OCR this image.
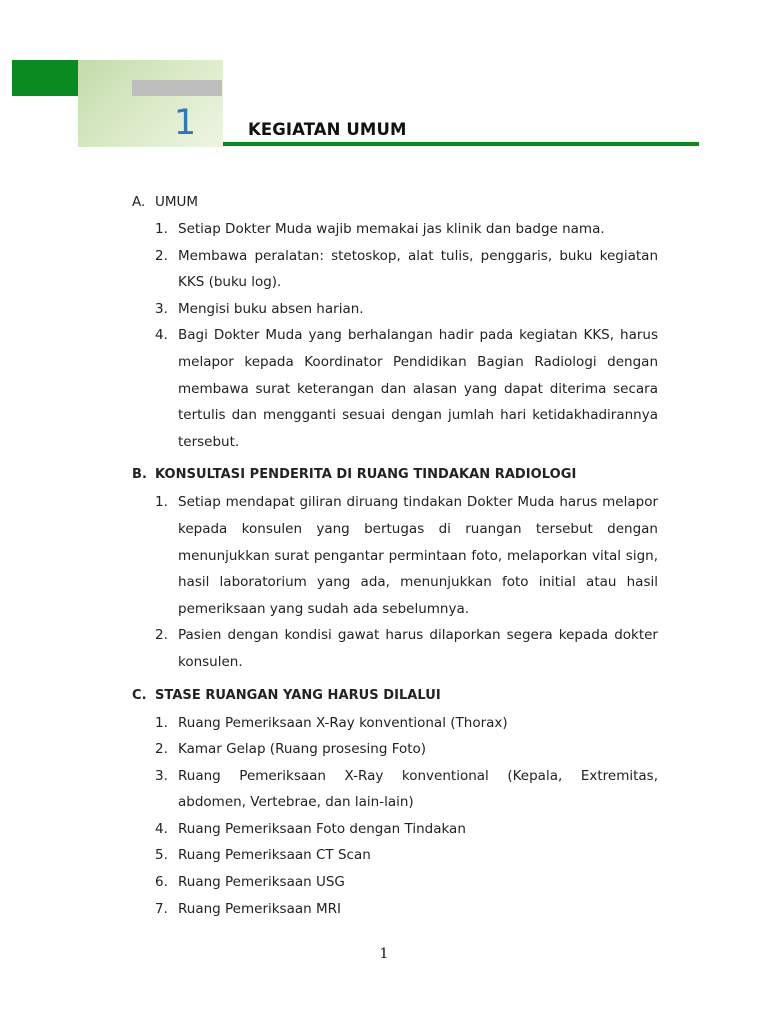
1	KEGIATAN UMUM
A. UMUM
1. Setiap Dokter Muda wajib memakai jas klinik dan badge nama.
2. Membawa peralatan: stetoskop, alat tulis, penggaris, buku kegiatan KKS (buku log).
3. Mengisi buku absen harian.
4. Bagi Dokter Muda yang berhalangan hadir pada kegiatan KKS, harus melapor kepada Koordinator Pendidikan Bagian Radiologi dengan membawa surat keterangan dan alasan yang dapat diterima secara tertulis dan mengganti sesuai dengan jumlah hari ketidakhadirannya tersebut.
B. KONSULTASI PENDERITA DI RUANG TINDAKAN RADIOLOGI
1. Setiap mendapat giliran diruang tindakan Dokter Muda harus melapor kepada konsulen yang bertugas di ruangan tersebut dengan menunjukkan surat pengantar permintaan foto, melaporkan vital sign, hasil laboratorium yang ada, menunjukkan foto initial atau hasil pemeriksaan yang sudah ada sebelumnya.
2. Pasien dengan kondisi gawat harus dilaporkan segera kepada dokter konsulen.
C. STASE RUANGAN YANG HARUS DILALUI
1. Ruang Pemeriksaan X-Ray konventional (Thorax)
2. Kamar Gelap (Ruang prosesing Foto)
3. Ruang Pemeriksaan X-Ray konventional (Kepala, Extremitas, abdomen, Vertebrae, dan lain-lain)
4. Ruang Pemeriksaan Foto dengan Tindakan
5. Ruang Pemeriksaan CT Scan
6. Ruang Pemeriksaan USG
7. Ruang Pemeriksaan MRI
1
